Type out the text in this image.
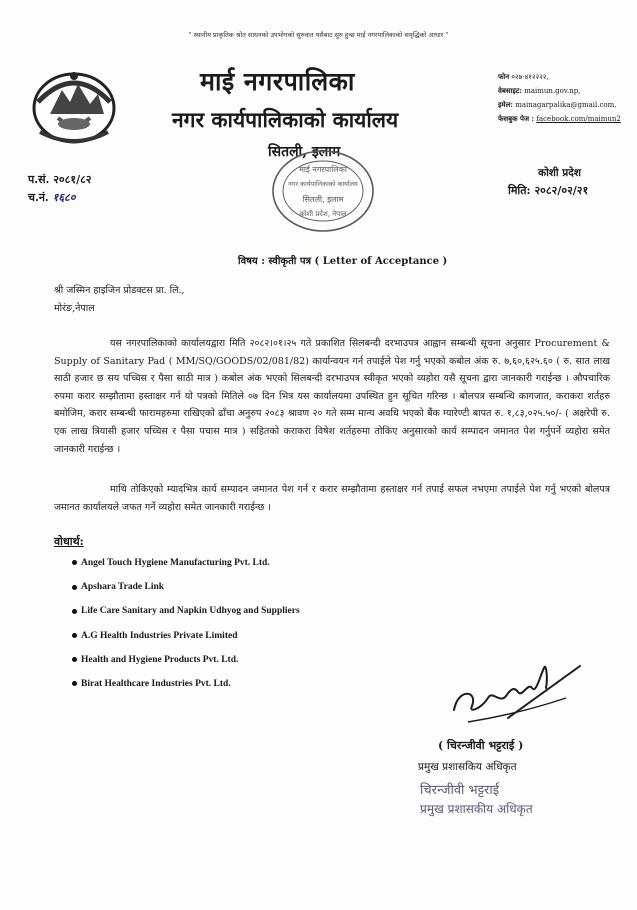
" स्थानीय प्राकृतिक श्रोत साधनको उपभोगको सुरुवात यसैबाट सुरु हुन्छ माई नगरपालिकाको समृद्धिको आधार "
माई नगरपालिका
नगर कार्यपालिकाको कार्यालय
सितली, इलाम
फोन ०२७-४१२२२२,
वेबसाइट: maimun.gov.np,
इमेल: mainagarpalika@gmail.com,
फेसबुक पेज : facebook.com/maimun2
प.सं. २०८१/८२
च.नं. १६८०
कोशी प्रदेश
मिति: २०८२/०२/२१
माई नगरपालिका
नगर कार्यपालिकाको कार्यालय
सितली, इलाम
कोशी प्रदेश, नेपाल
विषय : स्वीकृती पत्र ( Letter of Acceptance )
श्री जस्मिन हाइजिन प्रोडक्टस प्रा. लि.,
मोरंङ,नेपाल
यस नगरपालिकाको कार्यालयद्वारा मिति २०८२।०१।२५ गते प्रकाशित सिलबन्दी दरभाउपत्र आह्वान सम्बन्धी सूचना अनुसार Procurement & Supply of Sanitary Pad ( MM/SQ/GOODS/02/081/82) कार्यान्वयन गर्न तपाईले पेश गर्नु भएको कबोल अंक रु. ७,६०,६२५.६० ( रु. सात लाख साठी हजार छ सय पच्चिस र पैसा साठी मात्र ) कबोल अंक भएको सिलबन्दी दरभाउपत्र स्वीकृत भएको व्यहोरा यसै सूचना द्वारा जानकारी गराईन्छ । औपचारिक रुपमा करार सम्झौतामा हस्ताक्षर गर्न यो पत्रको मितिले ०७ दिन भित्र यस कार्यालयमा उपस्थित हुन सूचित गरिन्छ । बोलपत्र सम्बन्धि कागजात, कराकरा शर्तहरु बमोजिम, करार सम्बन्धी फारामहरुमा राखिएको ढाँचा अनुरुप २०८३ श्रावण २० गते सम्म मान्य अवधि भएको बैंक ग्यारेण्टी बापत रु. १,८३,०२५.५०/- ( अक्षरेपी रु. एक लाख त्रियासी हजार पच्चिस र पैसा पचास मात्र ) सहितको कराकरा विषेश शर्तहरुमा तोकिए अनुसारको कार्य सम्पादन जमानत पेश गर्नुपर्ने व्यहोरा समेत जानकारी गराईन्छ ।
माथि तोकिएको म्यादभित्र कार्य सम्पादन जमानत पेश गर्न र करार सम्झौतामा हस्ताक्षर गर्न तपाई सफल नभएमा तपाईले पेश गर्नु भएको बोलपत्र जमानत कार्यालयले जफत गर्ने व्यहोरा समेत जानकारी गराईन्छ ।
वोधार्थ:
Angel Touch Hygiene Manufacturing Pvt. Ltd.
Apshara Trade Link
Life Care Sanitary and Napkin Udhyog and Suppliers
A.G Health Industries Private Limited
Health and Hygiene Products Pvt. Ltd.
Birat Healthcare Industries Pvt. Ltd.
( चिरन्जीवी भट्टराई )
प्रमुख प्रशासकिय अधिकृत
चिरन्जीवी भट्टराई
प्रमुख प्रशासकीय अधिकृत
